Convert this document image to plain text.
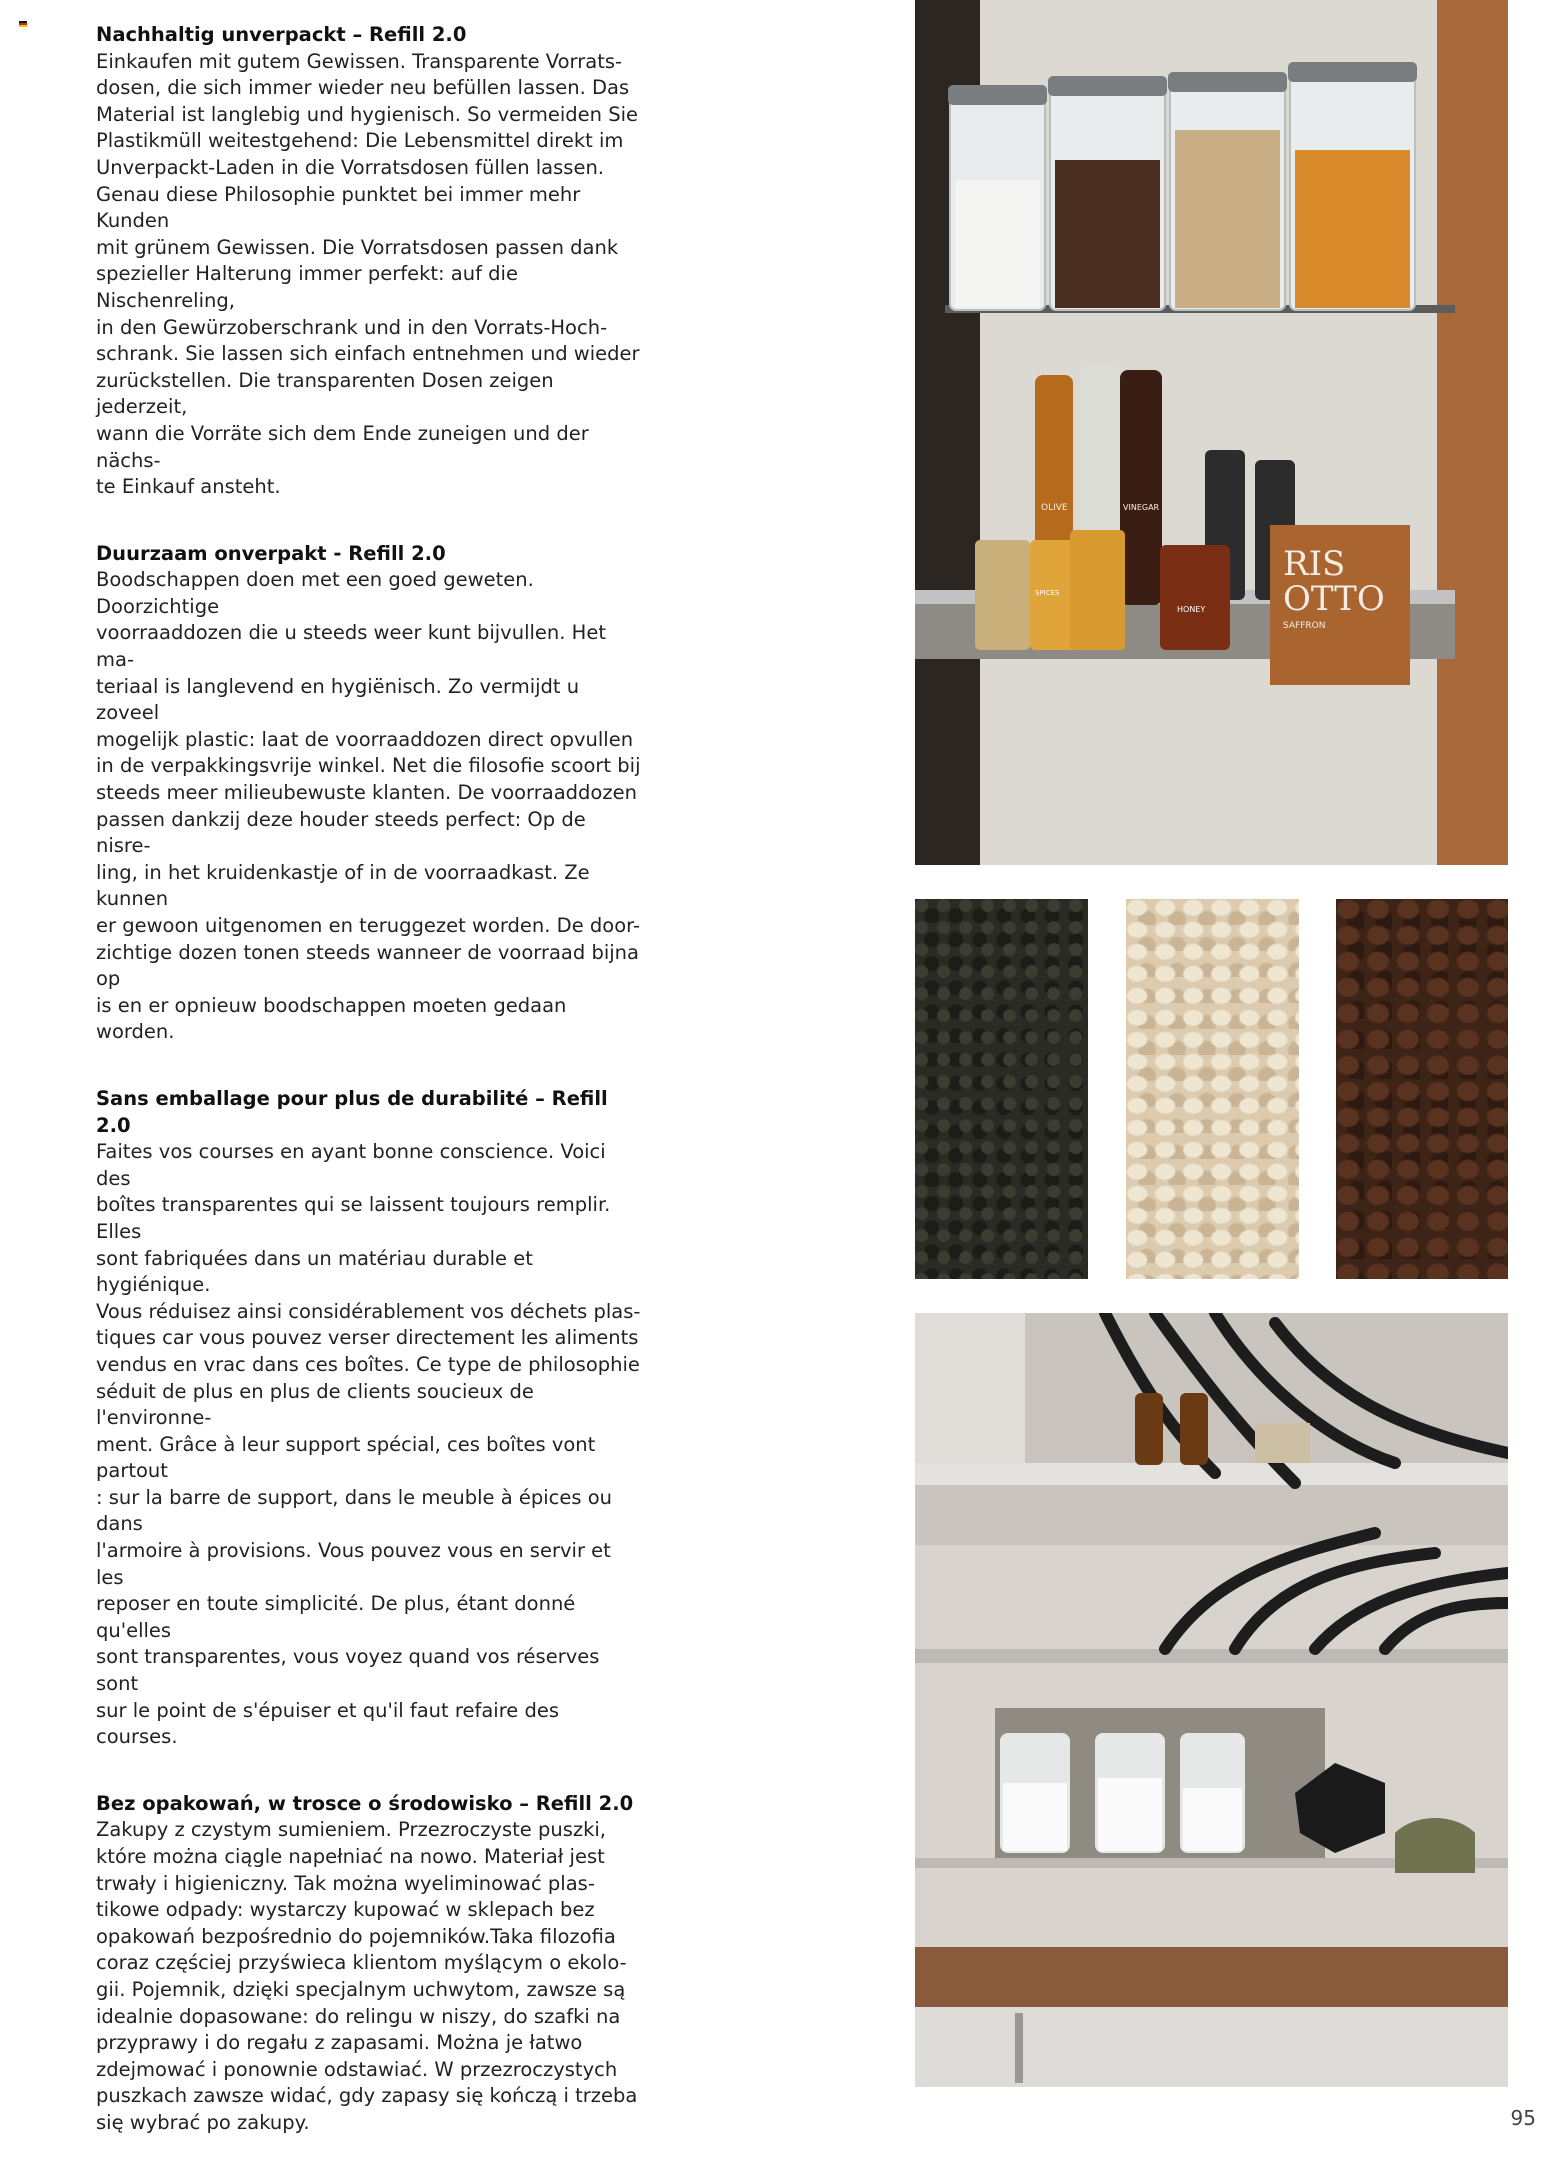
Nachhaltig unverpackt – Refill 2.0

Einkaufen mit gutem Gewissen. Transparente Vorrats-
dosen, die sich immer wieder neu befüllen lassen. Das
Material ist langlebig und hygienisch. So vermeiden Sie
Plastikmüll weitestgehend: Die Lebensmittel direkt im
Unverpackt-Laden in die Vorratsdosen füllen lassen.
Genau diese Philosophie punktet bei immer mehr Kunden
mit grünem Gewissen. Die Vorratsdosen passen dank
spezieller Halterung immer perfekt: auf die Nischenreling,
in den Gewürzoberschrank und in den Vorrats-Hoch-
schrank. Sie lassen sich einfach entnehmen und wieder
zurückstellen. Die transparenten Dosen zeigen jederzeit,
wann die Vorräte sich dem Ende zuneigen und der nächs-
te Einkauf ansteht.

Duurzaam onverpakt - Refill 2.0

Boodschappen doen met een goed geweten. Doorzichtige
voorraaddozen die u steeds weer kunt bijvullen. Het ma-
teriaal is langlevend en hygiënisch. Zo vermijdt u zoveel
mogelijk plastic: laat de voorraaddozen direct opvullen
in de verpakkingsvrije winkel. Net die filosofie scoort bij
steeds meer milieubewuste klanten. De voorraaddozen
passen dankzij deze houder steeds perfect: Op de nisre-
ling, in het kruidenkastje of in de voorraadkast. Ze kunnen
er gewoon uitgenomen en teruggezet worden. De door-
zichtige dozen tonen steeds wanneer de voorraad bijna op
is en er opnieuw boodschappen moeten gedaan worden.

Sans emballage pour plus de durabilité – Refill 2.0

Faites vos courses en ayant bonne conscience. Voici des
boîtes transparentes qui se laissent toujours remplir. Elles
sont fabriquées dans un matériau durable et hygiénique.
Vous réduisez ainsi considérablement vos déchets plas-
tiques car vous pouvez verser directement les aliments
vendus en vrac dans ces boîtes. Ce type de philosophie
séduit de plus en plus de clients soucieux de l'environne-
ment. Grâce à leur support spécial, ces boîtes vont partout
: sur la barre de support, dans le meuble à épices ou dans
l'armoire à provisions. Vous pouvez vous en servir et les
reposer en toute simplicité. De plus, étant donné qu'elles
sont transparentes, vous voyez quand vos réserves sont
sur le point de s'épuiser et qu'il faut refaire des courses.

Bez opakowań, w trosce o środowisko – Refill 2.0

Zakupy z czystym sumieniem. Przezroczyste puszki,
które można ciągle napełniać na nowo. Materiał jest
trwały i higieniczny. Tak można wyeliminować plas-
tikowe odpady: wystarczy kupować w sklepach bez
opakowań bezpośrednio do pojemników.Taka filozofia
coraz częściej przyświeca klientom myślącym o ekolo-
gii. Pojemnik, dzięki specjalnym uchwytom, zawsze są
idealnie dopasowane: do relingu w niszy, do szafki na
przyprawy i do regału z zapasami. Można je łatwo
zdejmować i ponownie odstawiać. W przezroczystych
puszkach zawsze widać, gdy zapasy się kończą i trzeba
się wybrać po zakupy.

RIS
OTTO
SAFFRON
OLIVE	VINEGAR
SPICES
HONEY
95
